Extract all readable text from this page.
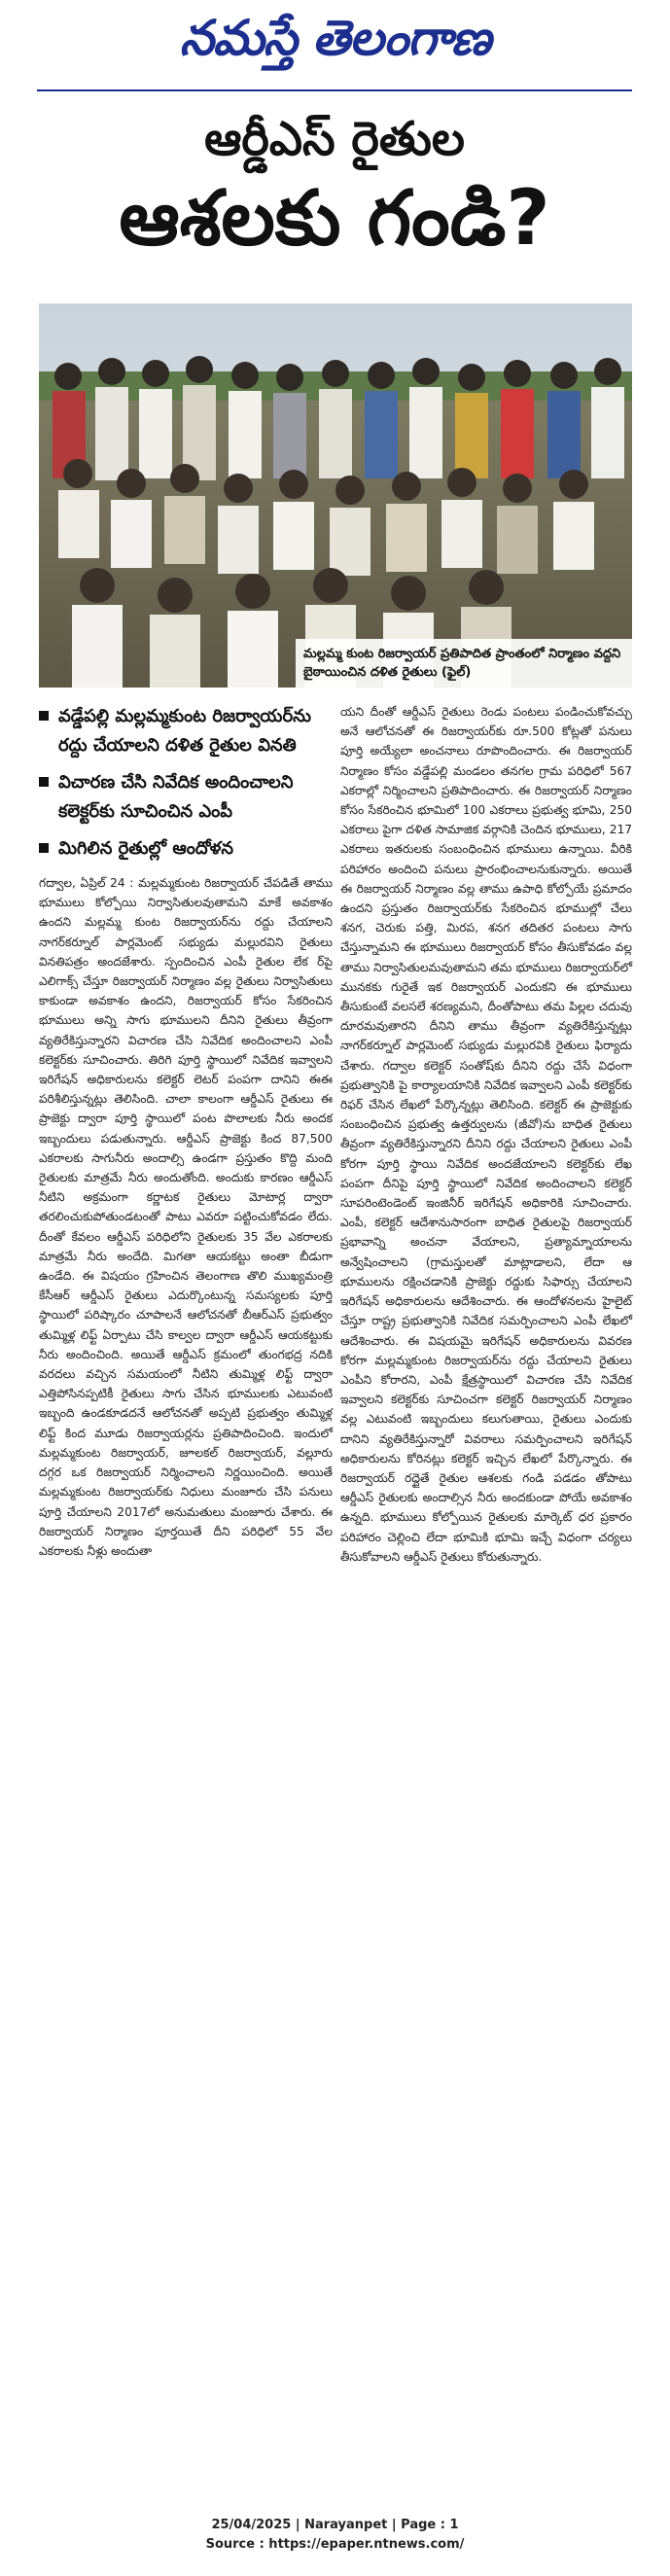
నమస్తే తెలంగాణ
ఆర్డీఎస్ రైతుల
ఆశలకు గండి?
మల్లమ్మ కుంట రిజర్వాయర్ ప్రతిపాదిత ప్రాంతంలో నిర్మాణం వద్దని బైఠాయించిన దళిత రైతులు (ఫైల్)
వడ్డేపల్లి మల్లమ్మకుంట రిజర్వాయర్‌ను రద్దు చేయాలని దళిత రైతుల వినతి
విచారణ చేసి నివేదిక అందించాలని కలెక్టర్‌కు సూచించిన ఎంపీ
మిగిలిన రైతుల్లో ఆందోళన

గద్వాల, ఏప్రిల్ 24 : మల్లమ్మకుంట రిజర్వాయర్ చేపడితే తాము భూములు కోల్పోయి నిర్వాసితులవుతామని మాకే అవకాశం ఉందని మల్లమ్మ కుంట రిజర్వాయర్‌ను రద్దు చేయాలని నాగర్‌కర్నూల్ పార్లమెంట్ సభ్యుడు మల్లురవిని రైతులు వినతిపత్రం అందజేశారు. స్పందించిన ఎంపీ రైతుల లేక ర్‌పై ఎలిగాక్స్ చేస్తూ రిజర్వాయర్ నిర్మాణం వల్ల రైతులు నిర్వాసితులు కాకుండా అవకాశం ఉందని, రిజర్వాయర్ కోసం సేకరించిన భూములు అన్ని సాగు భూములని దీనిని రైతులు తీవ్రంగా వ్యతిరేకిస్తున్నారని విచారణ చేసి నివేదిక అందించాలని ఎంపీ కలెక్టర్‌కు సూచించారు. తిరిగి పూర్తి స్థాయిలో నివేదిక ఇవ్వాలని ఇరిగేషన్ అధికారులను కలెక్టర్ లెటర్ పంపగా దానిని ఈఈ పరిశీలిస్తున్నట్లు తెలిసింది. చాలా కాలంగా ఆర్డీఎస్ రైతులు ఈ ప్రాజెక్టు ద్వారా పూర్తి స్థాయిలో పంట పొలాలకు నీరు అందక ఇబ్బందులు పడుతున్నారు. ఆర్డీఎస్ ప్రాజెక్టు కింద 87,500 ఎకరాలకు సాగునీరు అందాల్సి ఉండగా ప్రస్తుతం కొద్ది మంది రైతులకు మాత్రమే నీరు అందుతోంది. అందుకు కారణం ఆర్డీఎస్ నీటిని అక్రమంగా కర్ణాటక రైతులు మోటార్ల ద్వారా తరలించుకుపోతుండటంతో పాటు ఎవరూ పట్టించుకోవడం లేదు. దీంతో కేవలం ఆర్డీఎస్ పరిధిలోని రైతులకు 35 వేల ఎకరాలకు మాత్రమే నీరు అందేది. మిగతా ఆయకట్టు అంతా బీడుగా ఉండేది. ఈ విషయం గ్రహించిన తెలంగాణ తొలి ముఖ్యమంత్రి కేసీఆర్ ఆర్డీఎస్ రైతులు ఎదుర్కొంటున్న సమస్యలకు పూర్తి స్థాయిలో పరిష్కారం చూపాలనే ఆలోచనతో బీఆర్‌ఎస్ ప్రభుత్వం తుమ్మిళ్ల లిఫ్ట్ ఏర్పాటు చేసి కాల్వల ద్వారా ఆర్డీఎస్ ఆయకట్టుకు నీరు అందించింది. అయితే ఆర్డీఎస్ క్రమంలో తుంగభద్ర నదికి వరదలు వచ్చిన సమయంలో నీటిని తుమ్మిళ్ల లిఫ్ట్ ద్వారా ఎత్తిపోసినప్పటికీ రైతులు సాగు చేసిన భూములకు ఎటువంటి ఇబ్బంది ఉండకూడదనే ఆలోచనతో అప్పటి ప్రభుత్వం తుమ్మిళ్ల లిఫ్ట్ కింద మూడు రిజర్వాయర్లను ప్రతిపాదించింది. ఇందులో మల్లమ్మకుంట రిజర్వాయర్, జూలకల్ రిజర్వాయర్, వల్లూరు దగ్గర ఒక రిజర్వాయర్ నిర్మించాలని నిర్ణయించింది. అయితే మల్లమ్మకుంట రిజర్వాయర్‌కు నిధులు మంజూరు చేసి పనులు పూర్తి చేయాలని 2017లో అనుమతులు మంజూరు చేశారు. ఈ రిజర్వాయర్ నిర్మాణం పూర్తయితే దీని పరిధిలో 55 వేల ఎకరాలకు నీళ్లు అందుతా

యని దీంతో ఆర్డీఎస్ రైతులు రెండు పంటలు పండించుకోవచ్చు అనే ఆలోచనతో ఈ రిజర్వాయర్‌కు రూ.500 కోట్లతో పనులు పూర్తి అయ్యేలా అంచనాలు రూపొందించారు. ఈ రిజర్వాయర్ నిర్మాణం కోసం వడ్డేపల్లి మండలం తనగల గ్రామ పరిధిలో 567 ఎకరాల్లో నిర్మించాలని ప్రతిపాదించారు. ఈ రిజర్వాయర్ నిర్మాణం కోసం సేకరించిన భూమిలో 100 ఎకరాలు ప్రభుత్వ భూమి, 250 ఎకరాలు పైగా దళిత సామాజిక వర్గానికి చెందిన భూములు, 217 ఎకరాలు ఇతరులకు సంబంధించిన భూములు ఉన్నాయి. వీరికి పరిహారం అందించి పనులు ప్రారంభించాలనుకున్నారు. అయితే ఈ రిజర్వాయర్ నిర్మాణం వల్ల తాము ఉపాధి కోల్పోయే ప్రమాదం ఉందని ప్రస్తుతం రిజర్వాయర్‌కు సేకరించిన భూముల్లో చేలు శనగ, చెరుకు పత్తి, మిరప, శనగ తదితర పంటలు సాగు చేస్తున్నామని ఈ భూములు రిజర్వాయర్ కోసం తీసుకోవడం వల్ల తాము నిర్వాసితులమవుతామని తమ భూములు రిజర్వాయర్‌లో మునకకు గురైతే ఇక రిజర్వాయర్ ఎందుకని ఈ భూములు తీసుకుంటే వలసలే శరణ్యమని, దీంతోపాటు తమ పిల్లల చదువు దూరమవుతారని దీనిని తాము తీవ్రంగా వ్యతిరేకిస్తున్నట్లు నాగర్‌కర్నూల్ పార్లమెంట్ సభ్యుడు మల్లురవికి రైతులు ఫిర్యాదు చేశారు. గద్వాల కలెక్టర్ సంతోష్‌కు దీనిని రద్దు చేసే విధంగా ప్రభుత్వానికి పై కార్యాలయానికి నివేదిక ఇవ్వాలని ఎంపీ కలెక్టర్‌కు రిఫర్ చేసిన లేఖలో పేర్కొన్నట్లు తెలిసింది. కలెక్టర్ ఈ ప్రాజెక్టుకు సంబంధించిన ప్రభుత్వ ఉత్తర్వులను (జీవో)ను బాధిత రైతులు తీవ్రంగా వ్యతిరేకిస్తున్నారని దీనిని రద్దు చేయాలని రైతులు ఎంపీ కోరగా పూర్తి స్థాయి నివేదిక అందజేయాలని కలెక్టర్‌కు లేఖ పంపగా దీనిపై పూర్తి స్థాయిలో నివేదిక అందించాలని కలెక్టర్ సూపరింటెండెంట్ ఇంజినీర్ ఇరిగేషన్ అధికారికి సూచించారు. ఎంపీ, కలెక్టర్ ఆదేశానుసారంగా బాధిత రైతులపై రిజర్వాయర్ ప్రభావాన్ని అంచనా వేయాలని, ప్రత్యామ్నాయాలను అన్వేషించాలని (గ్రామస్తులతో మాట్లాడాలని, లేదా ఆ భూములను రక్షించడానికి ప్రాజెక్టు రద్దుకు సిఫార్సు చేయాలని ఇరిగేషన్ అధికారులను ఆదేశించారు. ఈ ఆందోళనలను హైలైట్ చేస్తూ రాష్ట్ర ప్రభుత్వానికి నివేదిక సమర్పించాలని ఎంపీ లేఖలో ఆదేశించారు. ఈ విషయమై ఇరిగేషన్ అధికారులను వివరణ కోరగా మల్లమ్మకుంట రిజర్వాయర్‌ను రద్దు చేయాలని రైతులు ఎంపీని కోరారని, ఎంపీ క్షేత్రస్థాయిలో విచారణ చేసి నివేదిక ఇవ్వాలని కలెక్టర్‌కు సూచించగా కలెక్టర్ రిజర్వాయర్ నిర్మాణం వల్ల ఎటువంటి ఇబ్బందులు కలుగుతాయి, రైతులు ఎందుకు దానిని వ్యతిరేకిస్తున్నారో వివరాలు సమర్పించాలని ఇరిగేషన్ అధికారులను కోరినట్లు కలెక్టర్ ఇచ్చిన లేఖలో పేర్కొన్నారు. ఈ రిజర్వాయర్ రద్దైతే రైతుల ఆశలకు గండి పడడం తోపాటు ఆర్డీఎస్ రైతులకు అందాల్సిన నీరు అందకుండా పోయే అవకాశం ఉన్నది. భూములు కోల్పోయిన రైతులకు మార్కెట్ ధర ప్రకారం పరిహారం చెల్లించి లేదా భూమికి భూమి ఇచ్చే విధంగా చర్యలు తీసుకోవాలని ఆర్డీఎస్ రైతులు కోరుతున్నారు.

25/04/2025 | Narayanpet | Page : 1
Source : https://epaper.ntnews.com/
